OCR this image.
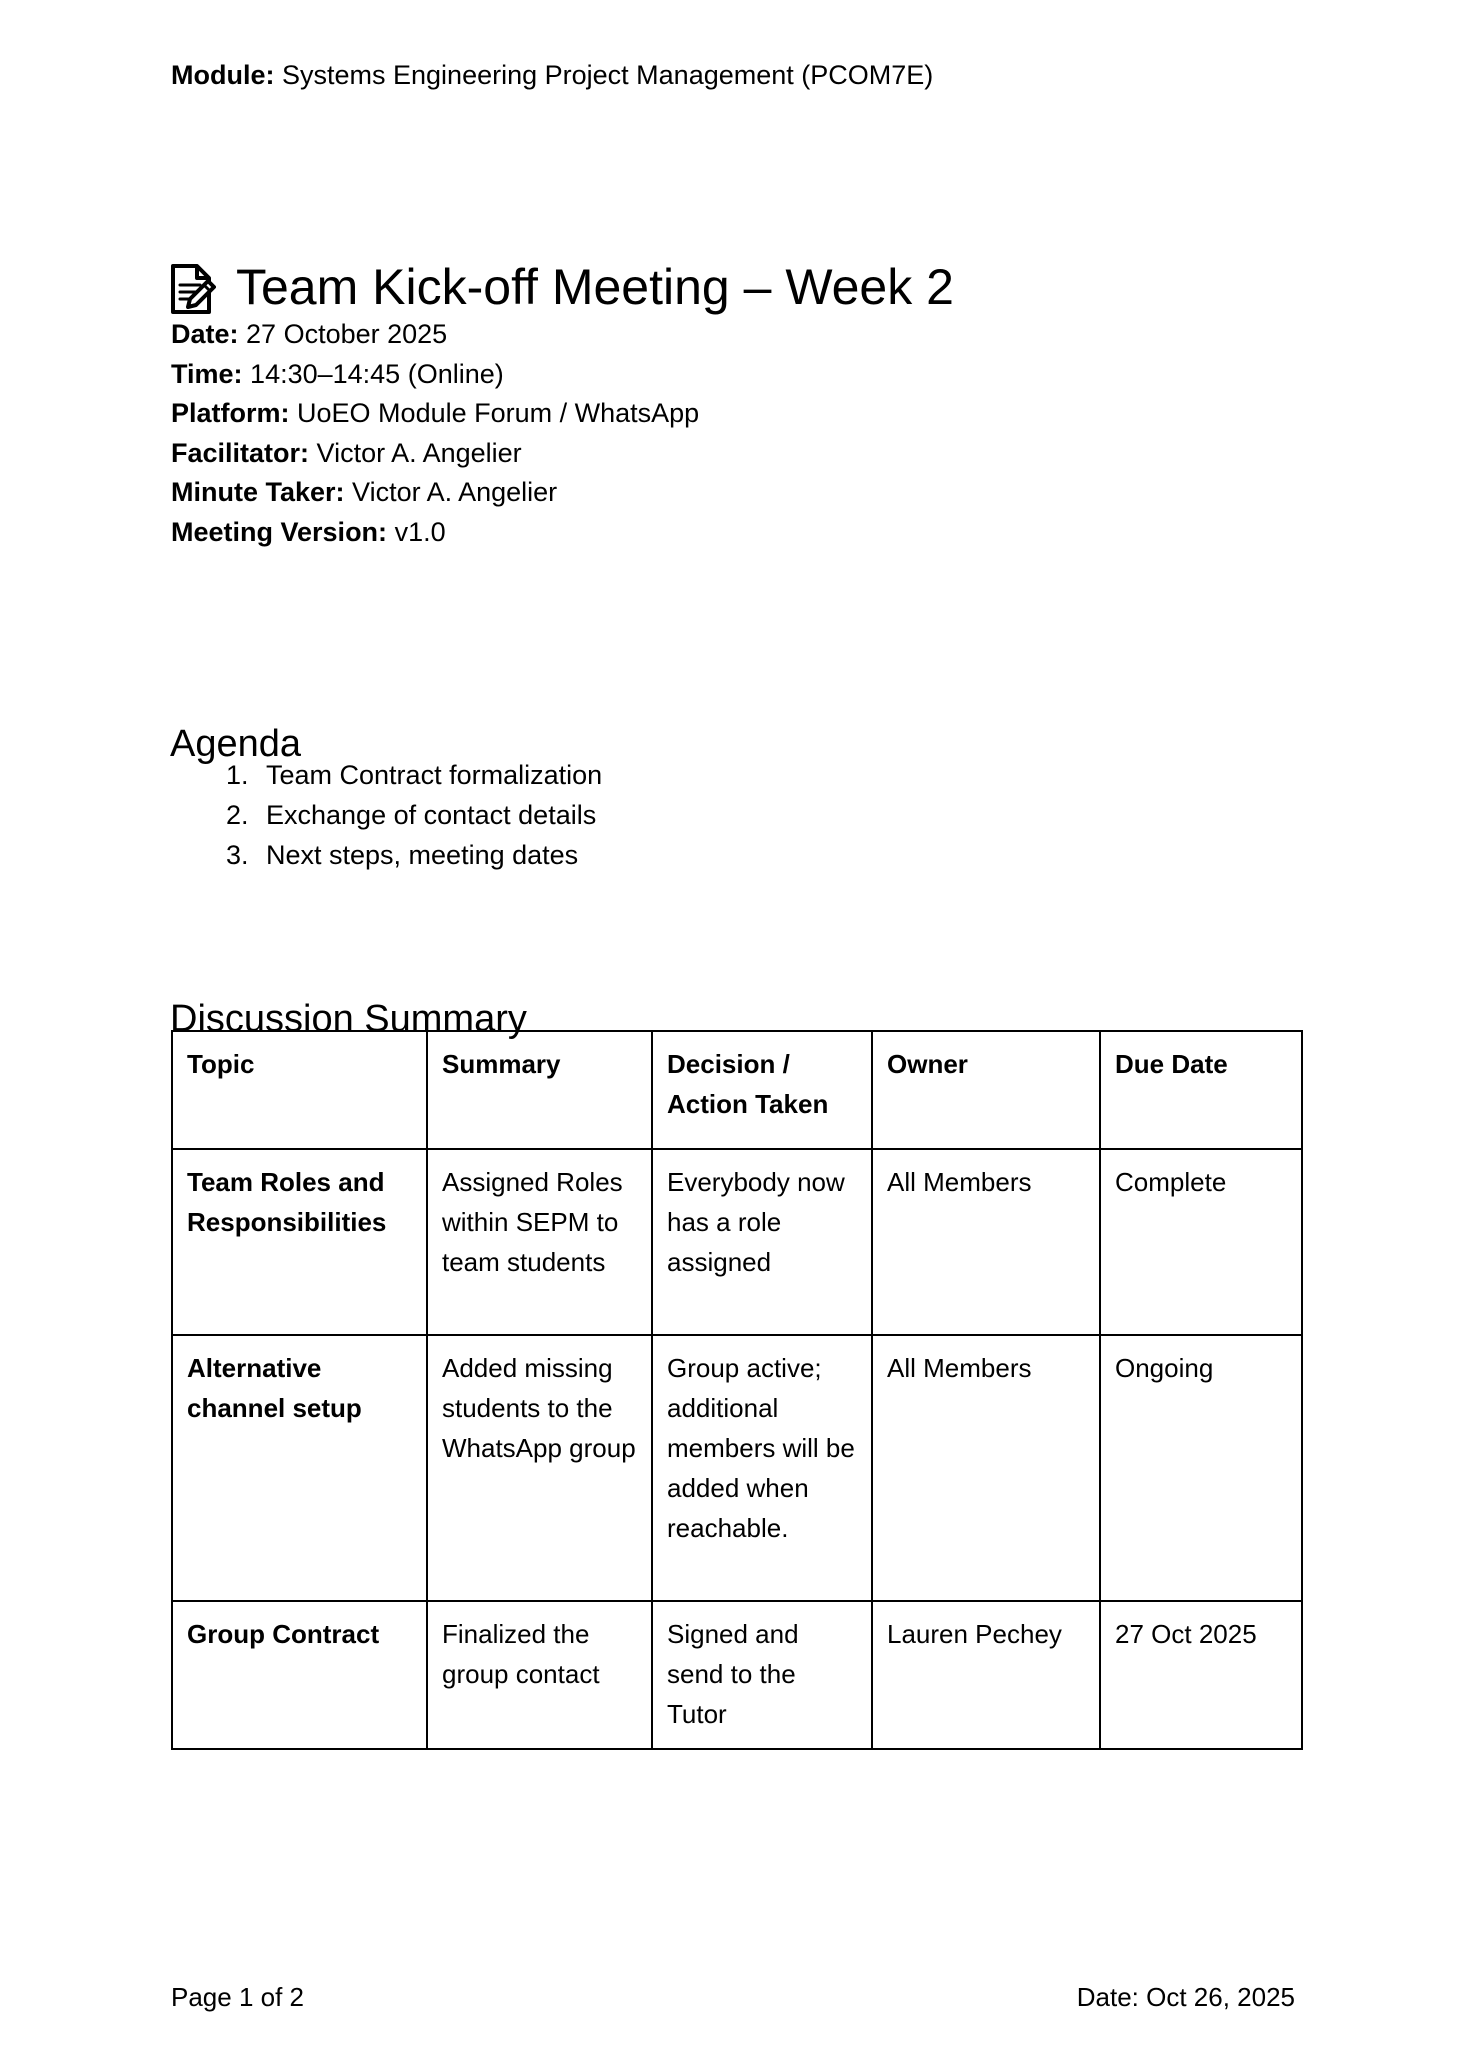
Module: Systems Engineering Project Management (PCOM7E)
Team Kick-off Meeting – Week 2
Date: 27 October 2025
Time: 14:30–14:45 (Online)
Platform: UoEO Module Forum / WhatsApp
Facilitator: Victor A. Angelier
Minute Taker: Victor A. Angelier
Meeting Version: v1.0
Agenda
1. Team Contract formalization
2. Exchange of contact details
3. Next steps, meeting dates
Discussion Summary
Topic	Summary	Decision / Action Taken	Owner	Due Date
Team Roles and Responsibilities	Assigned Roles within SEPM to team students	Everybody now has a role assigned	All Members	Complete
Alternative channel setup	Added missing students to the WhatsApp group	Group active; additional members will be added when reachable.	All Members	Ongoing
Group Contract	Finalized the group contact	Signed and send to the Tutor	Lauren Pechey	27 Oct 2025
Page 1 of 2	Date: Oct 26, 2025
